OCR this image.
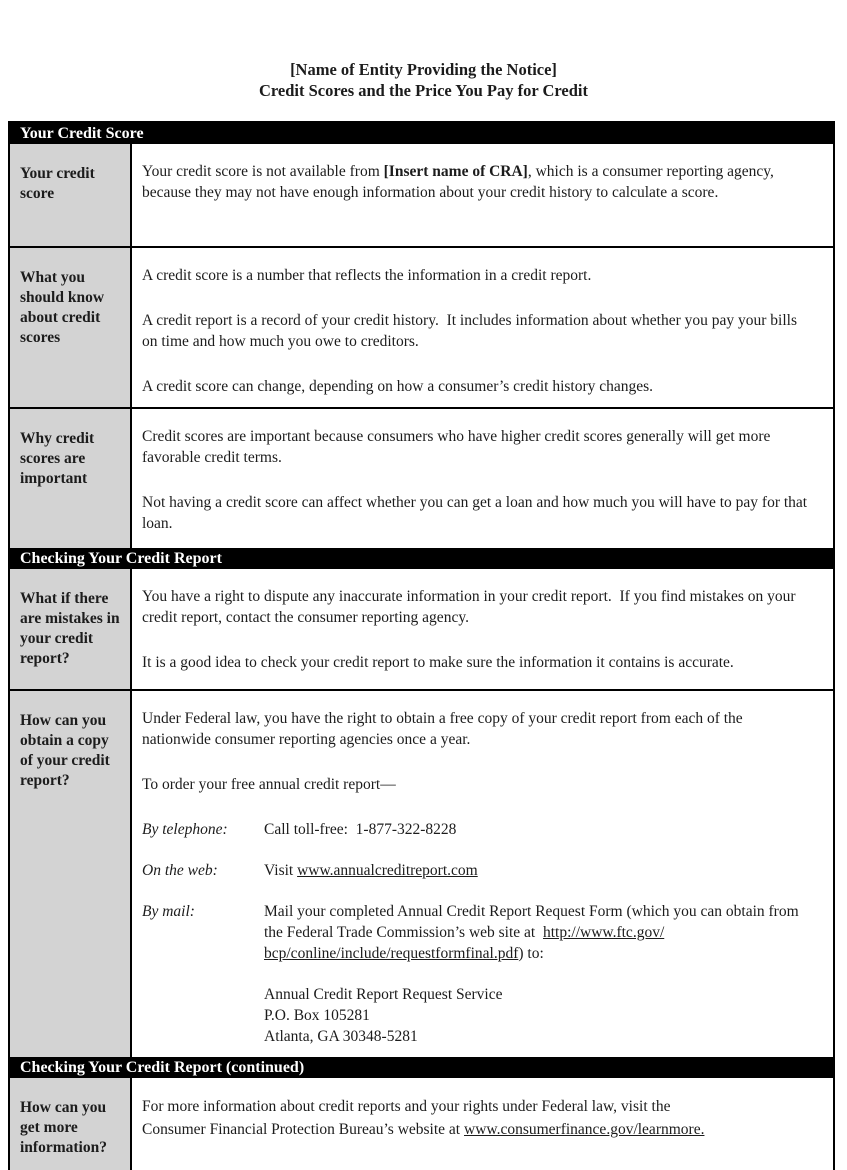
[Name of Entity Providing the Notice]
Credit Scores and the Price You Pay for Credit
Your Credit Score
Your credit score

Your credit score is not available from [Insert name of CRA], which is a consumer reporting agency, because they may not have enough information about your credit history to calculate a score.

What you should know about credit scores

A credit score is a number that reflects the information in a credit report.

A credit report is a record of your credit history.  It includes information about whether you pay your bills on time and how much you owe to creditors.

A credit score can change, depending on how a consumer’s credit history changes.

Why credit scores are important

Credit scores are important because consumers who have higher credit scores generally will get more favorable credit terms.

Not having a credit score can affect whether you can get a loan and how much you will have to pay for that loan.

Checking Your Credit Report
What if there are mistakes in your credit report?

You have a right to dispute any inaccurate information in your credit report.  If you find mistakes on your credit report, contact the consumer reporting agency.

It is a good idea to check your credit report to make sure the information it contains is accurate.

How can you obtain a copy of your credit report?

Under Federal law, you have the right to obtain a free copy of your credit report from each of the nationwide consumer reporting agencies once a year.

To order your free annual credit report—

By telephone:	Call toll-free:  1-877-322-8228
On the web:	Visit www.annualcreditreport.com
By mail:	Mail your completed Annual Credit Report Request Form (which you can obtain from the Federal Trade Commission’s web site at  http://www.ftc.gov/
bcp/conline/include/requestformfinal.pdf) to:
Annual Credit Report Request Service
P.O. Box 105281
Atlanta, GA 30348-5281
Checking Your Credit Report (continued)
How can you get more information?

For more information about credit reports and your rights under Federal law, visit the
Consumer Financial Protection Bureau’s website at www.consumerfinance.gov/learnmore.
